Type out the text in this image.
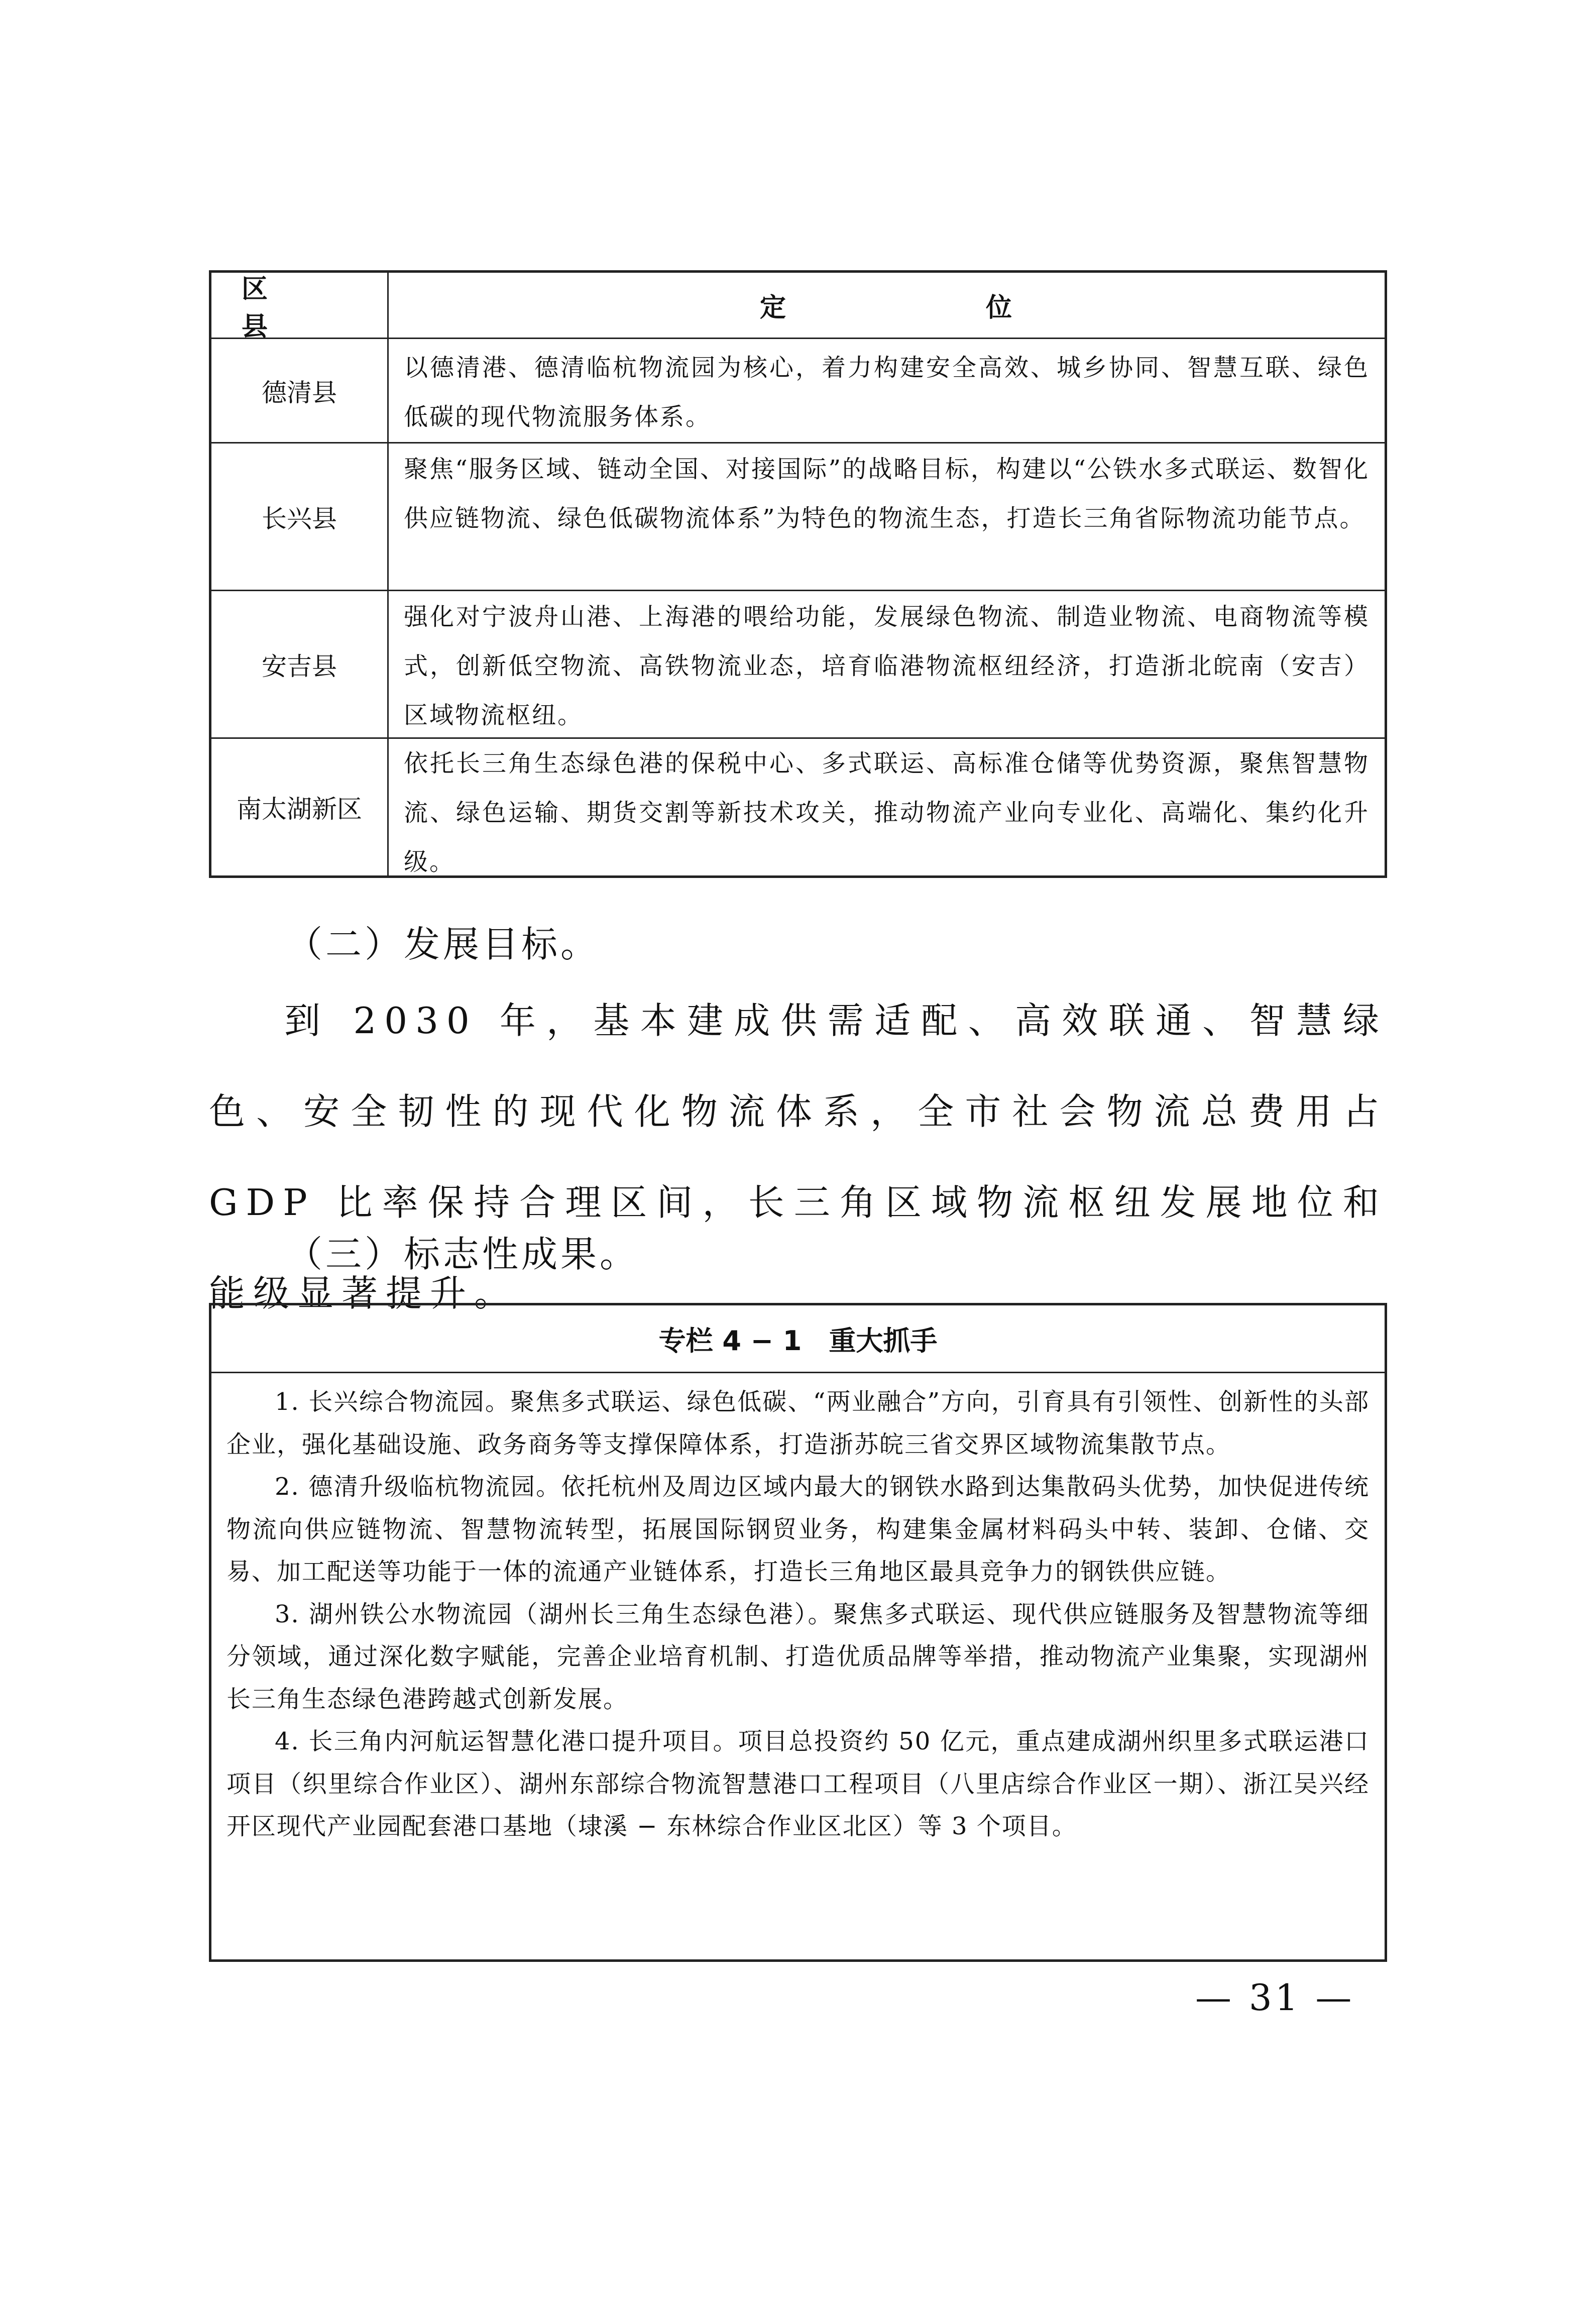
区 县
定 位
德清县
以德清港、德清临杭物流园为核心，着力构建安全高效、城乡协同、智慧互联、绿色低碳的现代物流服务体系。
长兴县
聚焦“服务区域、链动全国、对接国际”的战略目标，构建以“公铁水多式联运、数智化供应链物流、绿色低碳物流体系”为特色的物流生态，打造长三角省际物流功能节点。
安吉县
强化对宁波舟山港、上海港的喂给功能，发展绿色物流、制造业物流、电商物流等模式，创新低空物流、高铁物流业态，培育临港物流枢纽经济，打造浙北皖南（安吉）区域物流枢纽。
南太湖新区
依托长三角生态绿色港的保税中心、多式联运、高标准仓储等优势资源，聚焦智慧物流、绿色运输、期货交割等新技术攻关，推动物流产业向专业化、高端化、集约化升级。
（二）发展目标。
到 2030 年，基本建成供需适配、高效联通、智慧绿色、安全韧性的现代化物流体系，全市社会物流总费用占 GDP 比率保持合理区间，长三角区域物流枢纽发展地位和能级显著提升。
（三）标志性成果。
专栏 4 − 1　重大抓手

1. 长兴综合物流园。聚焦多式联运、绿色低碳、“两业融合”方向，引育具有引领性、创新性的头部企业，强化基础设施、政务商务等支撑保障体系，打造浙苏皖三省交界区域物流集散节点。

2. 德清升级临杭物流园。依托杭州及周边区域内最大的钢铁水路到达集散码头优势，加快促进传统物流向供应链物流、智慧物流转型，拓展国际钢贸业务，构建集金属材料码头中转、装卸、仓储、交易、加工配送等功能于一体的流通产业链体系，打造长三角地区最具竞争力的钢铁供应链。

3. 湖州铁公水物流园（湖州长三角生态绿色港）。聚焦多式联运、现代供应链服务及智慧物流等细分领域，通过深化数字赋能，完善企业培育机制、打造优质品牌等举措，推动物流产业集聚，实现湖州长三角生态绿色港跨越式创新发展。

4. 长三角内河航运智慧化港口提升项目。项目总投资约 50 亿元，重点建成湖州织里多式联运港口项目（织里综合作业区）、湖州东部综合物流智慧港口工程项目（八里店综合作业区一期）、浙江吴兴经开区现代产业园配套港口基地（埭溪 − 东林综合作业区北区）等 3 个项目。

— 31 —
